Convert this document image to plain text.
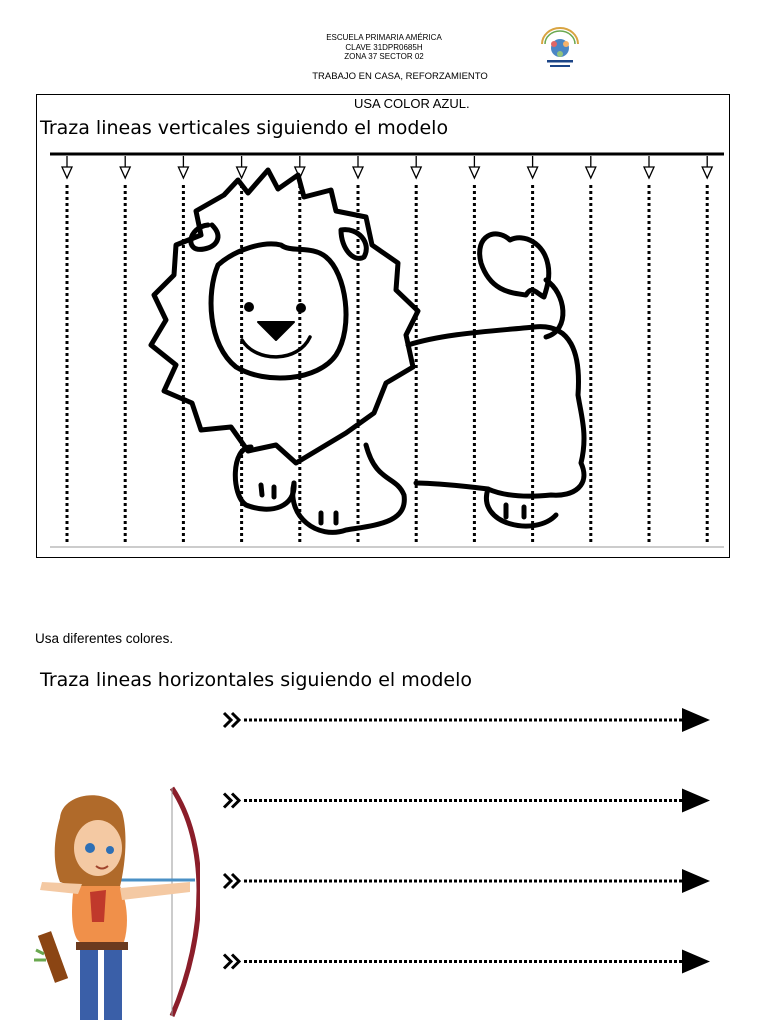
ESCUELA PRIMARIA AMÉRICA
CLAVE 31DPR0685H
ZONA 37 SECTOR 02
TRABAJO EN CASA, REFORZAMIENTO
USA COLOR AZUL.
Traza lineas verticales siguiendo el modelo
Usa diferentes colores.
Traza lineas horizontales siguiendo el modelo
